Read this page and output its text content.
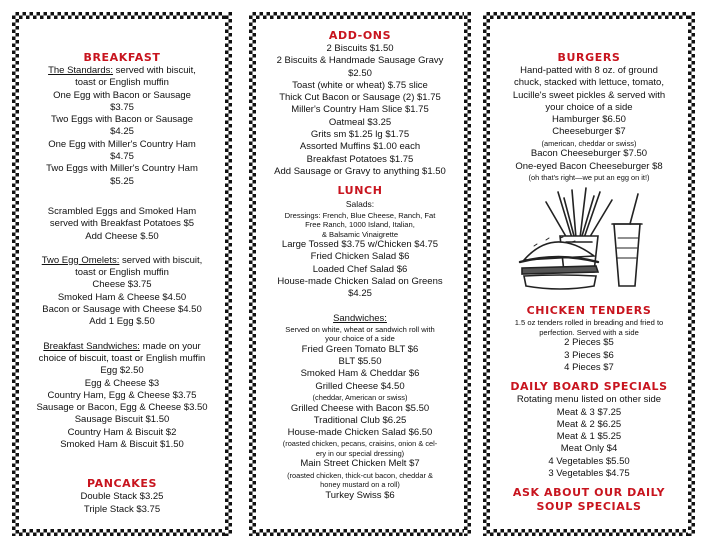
BREAKFAST
The Standards: served with biscuit,
toast or English muffin
One Egg with Bacon or Sausage
$3.75
Two Eggs with Bacon or Sausage
$4.25
One Egg with Miller's Country Ham
$4.75
Two Eggs with Miller's Country Ham
$5.25
Scrambled Eggs and Smoked Ham
served with Breakfast Potatoes $5
Add Cheese $.50
Two Egg Omelets: served with biscuit,
toast or English muffin
Cheese $3.75
Smoked Ham & Cheese $4.50
Bacon or Sausage with Cheese $4.50
Add 1 Egg $.50
Breakfast Sandwiches: made on your
choice of biscuit, toast or English muffin
Egg $2.50
Egg & Cheese $3
Country Ham, Egg & Cheese $3.75
Sausage or Bacon, Egg & Cheese $3.50
Sausage Biscuit $1.50
Country Ham & Biscuit $2
Smoked Ham & Biscuit $1.50
PANCAKES
Double Stack $3.25
Triple Stack $3.75
ADD-ONS
2 Biscuits $1.50
2 Biscuits & Handmade Sausage Gravy
$2.50
Toast (white or wheat) $.75 slice
Thick Cut Bacon or Sausage (2) $1.75
Miller's Country Ham Slice $1.75
Oatmeal $3.25
Grits sm $1.25 lg $1.75
Assorted Muffins $1.00 each
Breakfast Potatoes $1.75
Add Sausage or Gravy to anything $1.50
LUNCH
Salads:
Dressings: French, Blue Cheese, Ranch, Fat
Free Ranch, 1000 Island, Italian,
& Balsamic Vinaigrette
Large Tossed $3.75 w/Chicken $4.75
Fried Chicken Salad $6
Loaded Chef Salad $6
House-made Chicken Salad on Greens
$4.25
Sandwiches:
Served on white, wheat or sandwich roll with
your choice of a side
Fried Green Tomato BLT $6
BLT $5.50
Smoked Ham & Cheddar $6
Grilled Cheese $4.50
(cheddar, American or swiss)
Grilled Cheese with Bacon $5.50
Traditional Club $6.25
House-made Chicken Salad $6.50
(roasted chicken, pecans, craisins, onion & cel-
ery in our special dressing)
Main Street Chicken Melt $7
(roasted chicken, thick-cut bacon, cheddar &
honey mustard on a roll)
Turkey Swiss $6
BURGERS
Hand-patted with 8 oz. of ground
chuck, stacked with lettuce, tomato,
Lucille's sweet pickles & served with
your choice of a side
Hamburger $6.50
Cheeseburger $7
(american, cheddar or swiss)
Bacon Cheeseburger $7.50
One-eyed Bacon Cheeseburger $8
(oh that's right—we put an egg on it!)
CHICKEN TENDERS
1.5 oz tenders rolled in breading and fried to
perfection. Served with a side
2 Pieces $5
3 Pieces $6
4 Pieces $7
DAILY BOARD SPECIALS
Rotating menu listed on other side
Meat & 3 $7.25
Meat & 2 $6.25
Meat & 1 $5.25
Meat Only $4
4 Vegetables $5.50
3 Vegetables $4.75
ASK ABOUT OUR DAILY
SOUP SPECIALS
